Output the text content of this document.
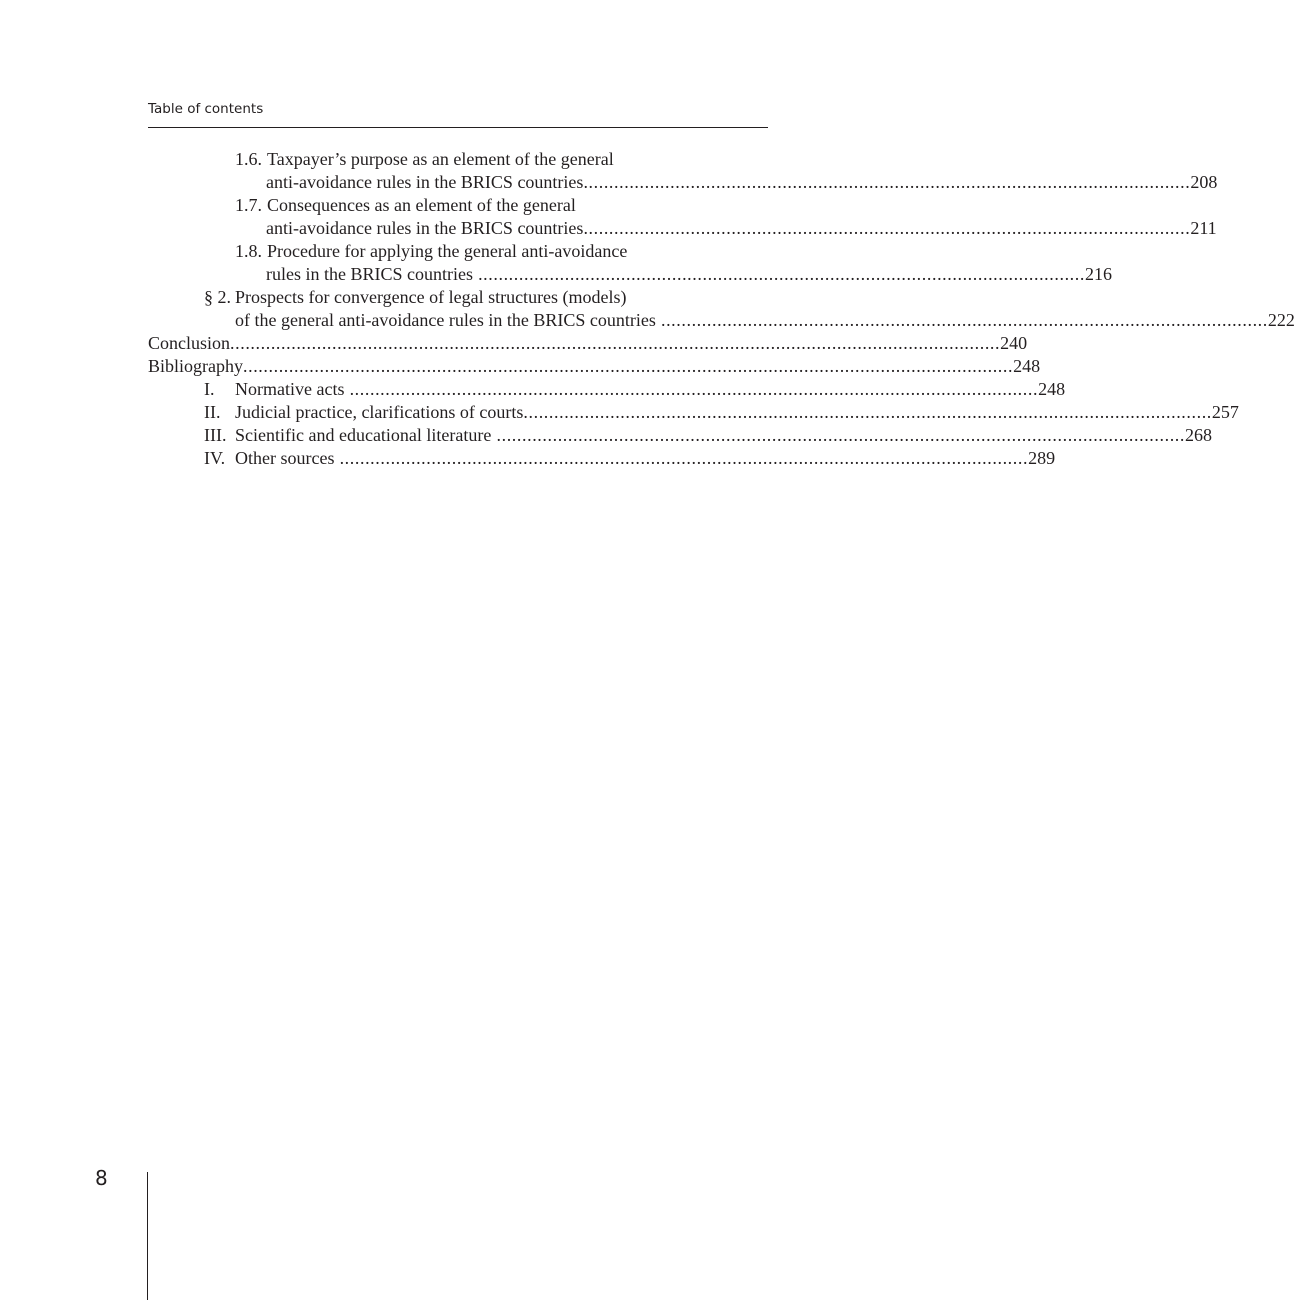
Table of contents
1.6. Taxpayer’s purpose as an element of the general
anti-avoidance rules in the BRICS countries ....................................................................................................................... 208
1.7. Consequences as an element of the general
anti-avoidance rules in the BRICS countries ....................................................................................................................... 211
1.8. Procedure for applying the general anti-avoidance
rules in the BRICS countries ....................................................................................................................... 216
§ 2. Prospects for convergence of legal structures (models)
of the general anti-avoidance rules in the BRICS countries ....................................................................................................................... 222
Conclusion ....................................................................................................................................................... 240
Bibliography ....................................................................................................................................................... 248
I. Normative acts ....................................................................................................................................... 248
II. Judicial practice, clarifications of courts ....................................................................................................................................... 257
III. Scientific and educational literature ....................................................................................................................................... 268
IV. Other sources ....................................................................................................................................... 289
8
